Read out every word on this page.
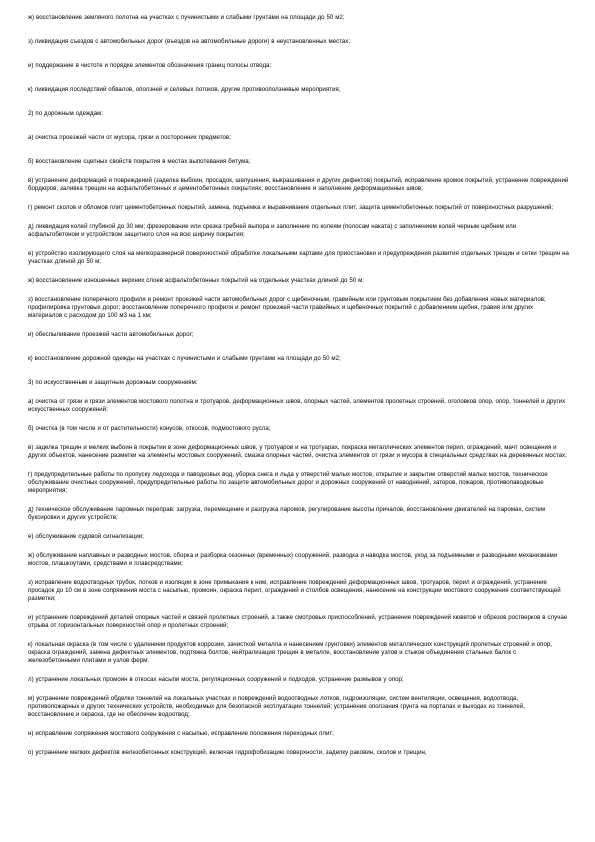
ж) восстановление земляного полотна на участках с пучинистыми и слабыми грунтами на площади до 50 м2;

з) ликвидация съездов с автомобильных дорог (въездов на автомобильные дороги) в неустановленных местах;

и) поддержание в чистоте и порядке элементов обозначения границ полосы отвода;

к) ликвидация последствий обвалов, оползней и селевых потоков, другие противооползневые мероприятия;

2) по дорожным одеждам:

а) очистка проезжей части от мусора, грязи и посторонних предметов;

б) восстановление сцепных свойств покрытия в местах выпотевания битума;

в) устранение деформаций и повреждений (заделка выбоин, просадок, шелушения, выкрашивания и других дефектов) покрытий, исправление кромок покрытий, устранение повреждений бордюров, заливка трещин на асфальтобетонных и цементобетонных покрытиях, восстановление и заполнение деформационных швов;

г) ремонт сколов и обломов плит цементобетонных покрытий, замена, подъемка и выравнивание отдельных плит, защита цементобетонных покрытий от поверхностных разрушений;

д) ликвидация колей глубиной до 30 мм; фрезерование или срезка гребней выпора и заполнение по колеям (полосам наката) с заполнением колей черным щебнем или асфальтобетоном и устройством защитного слоя на всю ширину покрытия;

е) устройство изолирующего слоя на мелкоразмерной поверхностной обработке локальными картами для приостановки и предупреждения развития отдельных трещин и сетки трещин на участках длиной до 50 м;

ж) восстановление изношенных верхних слоев асфальтобетонных покрытий на отдельных участках длиной до 50 м;

з) восстановление поперечного профиля и ремонт проезжей части автомобильных дорог с щебеночным, гравийным или грунтовым покрытием без добавления новых материалов; профилировка грунтовых дорог; восстановление поперечного профиля и ремонт проезжей части гравийных и щебеночных покрытий с добавлением щебня, гравия или других материалов с расходом до 100 м3 на 1 км;

и) обеспыливание проезжей части автомобильных дорог;

к) восстановление дорожной одежды на участках с пучинистыми и слабыми грунтами на площади до 50 м2;

3) по искусственным и защитным дорожным сооружениям:

а) очистка от грязи и грязи элементов мостового полотна и тротуаров, деформационных швов, опорных частей, элементов пролетных строений, оголовков опор, опор, тоннелей и других искусственных сооружений;

б) очистка (в том числе и от растительности) конусов, откосов, подмостового русла;

в) заделка трещин и мелких выбоин в покрытии в зоне деформационных швов, у тротуаров и на тротуарах, покраска металлических элементов перил, ограждений, мачт освещения и других объектов, нанесение разметки на элементы мостовых сооружений, смазка опорных частей, очистка элементов от грязи и мусора в специальных средствах на деревянных мостах;

г) предупредительные работы по пропуску ледохода и паводковых вод, уборка снега и льда у отверстий малых мостов, открытие и закрытие отверстий малых мостов, техническое обслуживание очистных сооружений, предупредительные работы по защите автомобильных дорог и дорожных сооружений от наводнений, заторов, пожаров, противопаводковые мероприятия;

д) техническое обслуживание паромных переправ: загрузка, перемещение и разгрузка паромов, регулирование высоты причалов, восстановление двигателей на паромах, систем буксировки и других устройств;

е) обслуживание судовой сигнализации;

ж) обслуживание наплавных и разводных мостов, сборка и разборка сезонных (временных) сооружений, разводка и наводка мостов, уход за подъемными и разводными механизмами мостов, плашкоутами, средствами и плавсредствами;

з) исправление водоотводных трубок, лотков и изоляции в зоне примыкания к ним, исправление повреждений деформационных швов, тротуаров, перил и ограждений, устранение просадок до 10 см в зоне сопряжения моста с насыпью, промоин, окраска перил, ограждений и столбов освещения, нанесение на конструкции мостового сооружения соответствующей разметки;

и) устранение повреждений деталей опорных частей и связей пролетных строений, а также смотровых приспособлений, устранение повреждений кюветов и обрезов ростверков в случае отрыва от горизонтальных поверхностей опор и пролетных строений;

к) локальная окраска (в том числе с удалением продуктов коррозии, зачисткой металла и нанесением грунтовки) элементов металлических конструкций пролетных строений и опор, окраска ограждений, замена дефектных элементов, подтяжка болтов, нейтрализация трещин в металле, восстановление узлов и стыков объединения стальных балок с железобетонными плитами и узлов ферм;

л) устранение локальных промоин в откосах насыпи моста, регуляционных сооружений и подходов, устранение размывов у опор;

м) устранение повреждений обделки тоннелей на локальных участках и повреждений водоотводных лотков, гидроизоляции, систем вентиляции, освещения, водоотвода, противопожарных и других технических устройств, необходимых для безопасной эксплуатации тоннелей; устранение оползания грунта на порталах и выходах из тоннелей, восстановление и окраска, где не обеспечен водоотвод;

н) исправление сопряжения мостового сооружения с насыпью, исправление положения переходных плит;

о) устранение мелких дефектов железобетонных конструкций, включая гидрофобизацию поверхности, заделку раковин, сколов и трещин,
